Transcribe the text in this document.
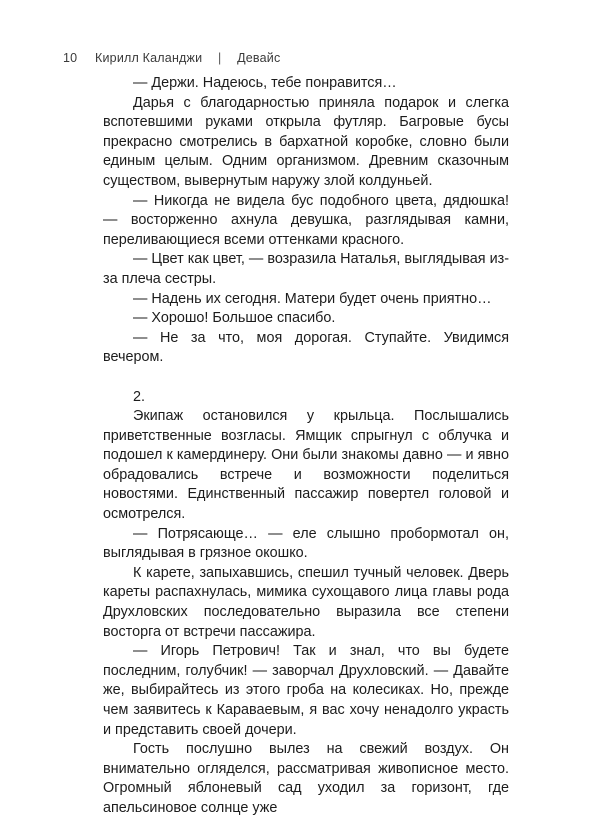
10 Кирилл Каланджи | Девайс

— Держи. Надеюсь, тебе понравится…

Дарья с благодарностью приняла подарок и слегка вспотевшими руками открыла футляр. Багровые бусы прекрасно смотрелись в бархатной коробке, словно были единым целым. Одним организмом. Древним сказочным существом, вывернутым наружу злой колдуньей.

— Никогда не видела бус подобного цвета, дядюшка! — восторженно ахнула девушка, разглядывая камни, переливающиеся всеми оттенками красного.

— Цвет как цвет, — возразила Наталья, выглядывая из-за плеча сестры.

— Надень их сегодня. Матери будет очень приятно…

— Хорошо! Большое спасибо.

— Не за что, моя дорогая. Ступайте. Увидимся вечером.

2.

Экипаж остановился у крыльца. Послышались приветственные возгласы. Ямщик спрыгнул с облучка и подошел к камердинеру. Они были знакомы давно — и явно обрадовались встрече и возможности поделиться новостями. Единственный пассажир повертел головой и осмотрелся.

— Потрясающе… — еле слышно пробормотал он, выглядывая в грязное окошко.

К карете, запыхавшись, спешил тучный человек. Дверь кареты распахнулась, мимика сухощавого лица главы рода Друхловских последовательно выразила все степени восторга от встречи пассажира.

— Игорь Петрович! Так и знал, что вы будете последним, голубчик! — заворчал Друхловский. — Давайте же, выбирайтесь из этого гроба на колесиках. Но, прежде чем заявитесь к Караваевым, я вас хочу ненадолго украсть и представить своей дочери.

Гость послушно вылез на свежий воздух. Он внимательно огляделся, рассматривая живописное место. Огромный яблоневый сад уходил за горизонт, где апельсиновое солнце уже
